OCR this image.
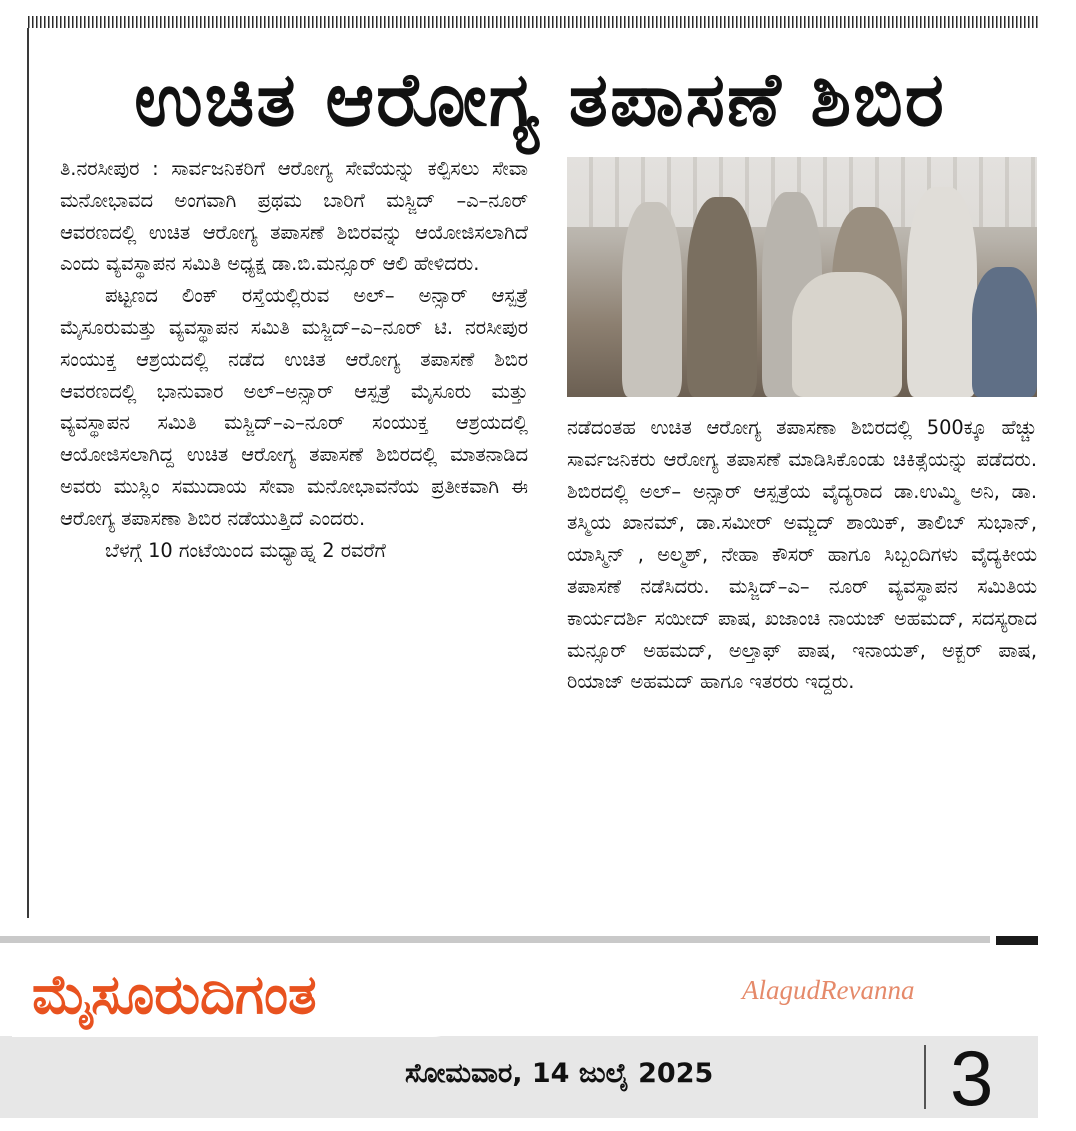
ಉಚಿತ ಆರೋಗ್ಯ ತಪಾಸಣೆ ಶಿಬಿರ

ತಿ.ನರಸೀಪುರ : ಸಾರ್ವಜನಿಕರಿಗೆ ಆರೋಗ್ಯ ಸೇವೆಯನ್ನು ಕಲ್ಪಿಸಲು ಸೇವಾ ಮನೋಭಾವದ ಅಂಗವಾಗಿ ಪ್ರಥಮ ಬಾರಿಗೆ ಮಸ್ಜಿದ್ –ಎ–ನೂರ್ ಆವರಣದಲ್ಲಿ ಉಚಿತ ಆರೋಗ್ಯ ತಪಾಸಣೆ ಶಿಬಿರವನ್ನು ಆಯೋಜಿಸಲಾಗಿದೆ ಎಂದು ವ್ಯವಸ್ಥಾಪನ ಸಮಿತಿ ಅಧ್ಯಕ್ಷ ಡಾ.ಬಿ.ಮನ್ಸೂರ್ ಆಲಿ ಹೇಳಿದರು.

ಪಟ್ಟಣದ ಲಿಂಕ್ ರಸ್ತೆಯಲ್ಲಿರುವ ಅಲ್– ಅನ್ಸಾರ್ ಆಸ್ಪತ್ರೆ ಮೈಸೂರುಮತ್ತು ವ್ಯವಸ್ಥಾಪನ ಸಮಿತಿ ಮಸ್ಜಿದ್–ಎ–ನೂರ್ ಟಿ. ನರಸೀಪುರ ಸಂಯುಕ್ತ ಆಶ್ರಯದಲ್ಲಿ ನಡೆದ ಉಚಿತ ಆರೋಗ್ಯ ತಪಾಸಣೆ ಶಿಬಿರ ಆವರಣದಲ್ಲಿ ಭಾನುವಾರ ಅಲ್–ಅನ್ಸಾರ್ ಆಸ್ಪತ್ರೆ ಮೈಸೂರು ಮತ್ತು ವ್ಯವಸ್ಥಾಪನ ಸಮಿತಿ ಮಸ್ಜಿದ್–ಎ–ನೂರ್ ಸಂಯುಕ್ತ ಆಶ್ರಯದಲ್ಲಿ ಆಯೋಜಿಸಲಾಗಿದ್ದ ಉಚಿತ ಆರೋಗ್ಯ ತಪಾಸಣೆ ಶಿಬಿರದಲ್ಲಿ ಮಾತನಾಡಿದ ಅವರು ಮುಸ್ಲಿಂ ಸಮುದಾಯ ಸೇವಾ ಮನೋಭಾವನೆಯ ಪ್ರತೀಕವಾಗಿ ಈ ಆರೋಗ್ಯ ತಪಾಸಣಾ ಶಿಬಿರ ನಡೆಯುತ್ತಿದೆ ಎಂದರು.

ಬೆಳಗ್ಗೆ 10 ಗಂಟೆಯಿಂದ ಮಧ್ಯಾಹ್ನ 2 ರವರೆಗೆ

ನಡೆದಂತಹ ಉಚಿತ ಆರೋಗ್ಯ ತಪಾಸಣಾ ಶಿಬಿರದಲ್ಲಿ 500ಕ್ಕೂ ಹೆಚ್ಚು ಸಾರ್ವಜನಿಕರು ಆರೋಗ್ಯ ತಪಾಸಣೆ ಮಾಡಿಸಿಕೊಂಡು ಚಿಕಿತ್ಸೆಯನ್ನು ಪಡೆದರು. ಶಿಬಿರದಲ್ಲಿ ಅಲ್– ಅನ್ಸಾರ್ ಆಸ್ಪತ್ರೆಯ ವೈದ್ಯರಾದ ಡಾ.ಉಮ್ಮಿ ಅನಿ, ಡಾ. ತಸ್ಮಿಯ ಖಾನಮ್, ಡಾ.ಸಮೀರ್ ಅಮ್ಜದ್ ಶಾಯಿಕ್, ತಾಲಿಬ್ ಸುಭಾನ್, ಯಾಸ್ಮಿನ್ , ಅಲ್ಮಶ್, ನೇಹಾ ಕೌಸರ್ ಹಾಗೂ ಸಿಬ್ಬಂದಿಗಳು ವೈದ್ಯಕೀಯ ತಪಾಸಣೆ ನಡೆಸಿದರು. ಮಸ್ಜಿದ್–ಎ– ನೂರ್ ವ್ಯವಸ್ಥಾಪನ ಸಮಿತಿಯ ಕಾರ್ಯದರ್ಶಿ ಸಯೀದ್ ಪಾಷ, ಖಜಾಂಚಿ ನಾಯಜ್ ಅಹಮದ್, ಸದಸ್ಯರಾದ ಮನ್ಸೂರ್ ಅಹಮದ್, ಅಲ್ತಾಫ್ ಪಾಷ, ಇನಾಯತ್, ಅಕ್ಬರ್ ಪಾಷ, ರಿಯಾಜ್ ಅಹಮದ್ ಹಾಗೂ ಇತರರು ಇದ್ದರು.

ಮೈಸೂರುದಿಗಂತ	AlagudRevanna
ಸೋಮವಾರ, 14 ಜುಲೈ 2025	3
